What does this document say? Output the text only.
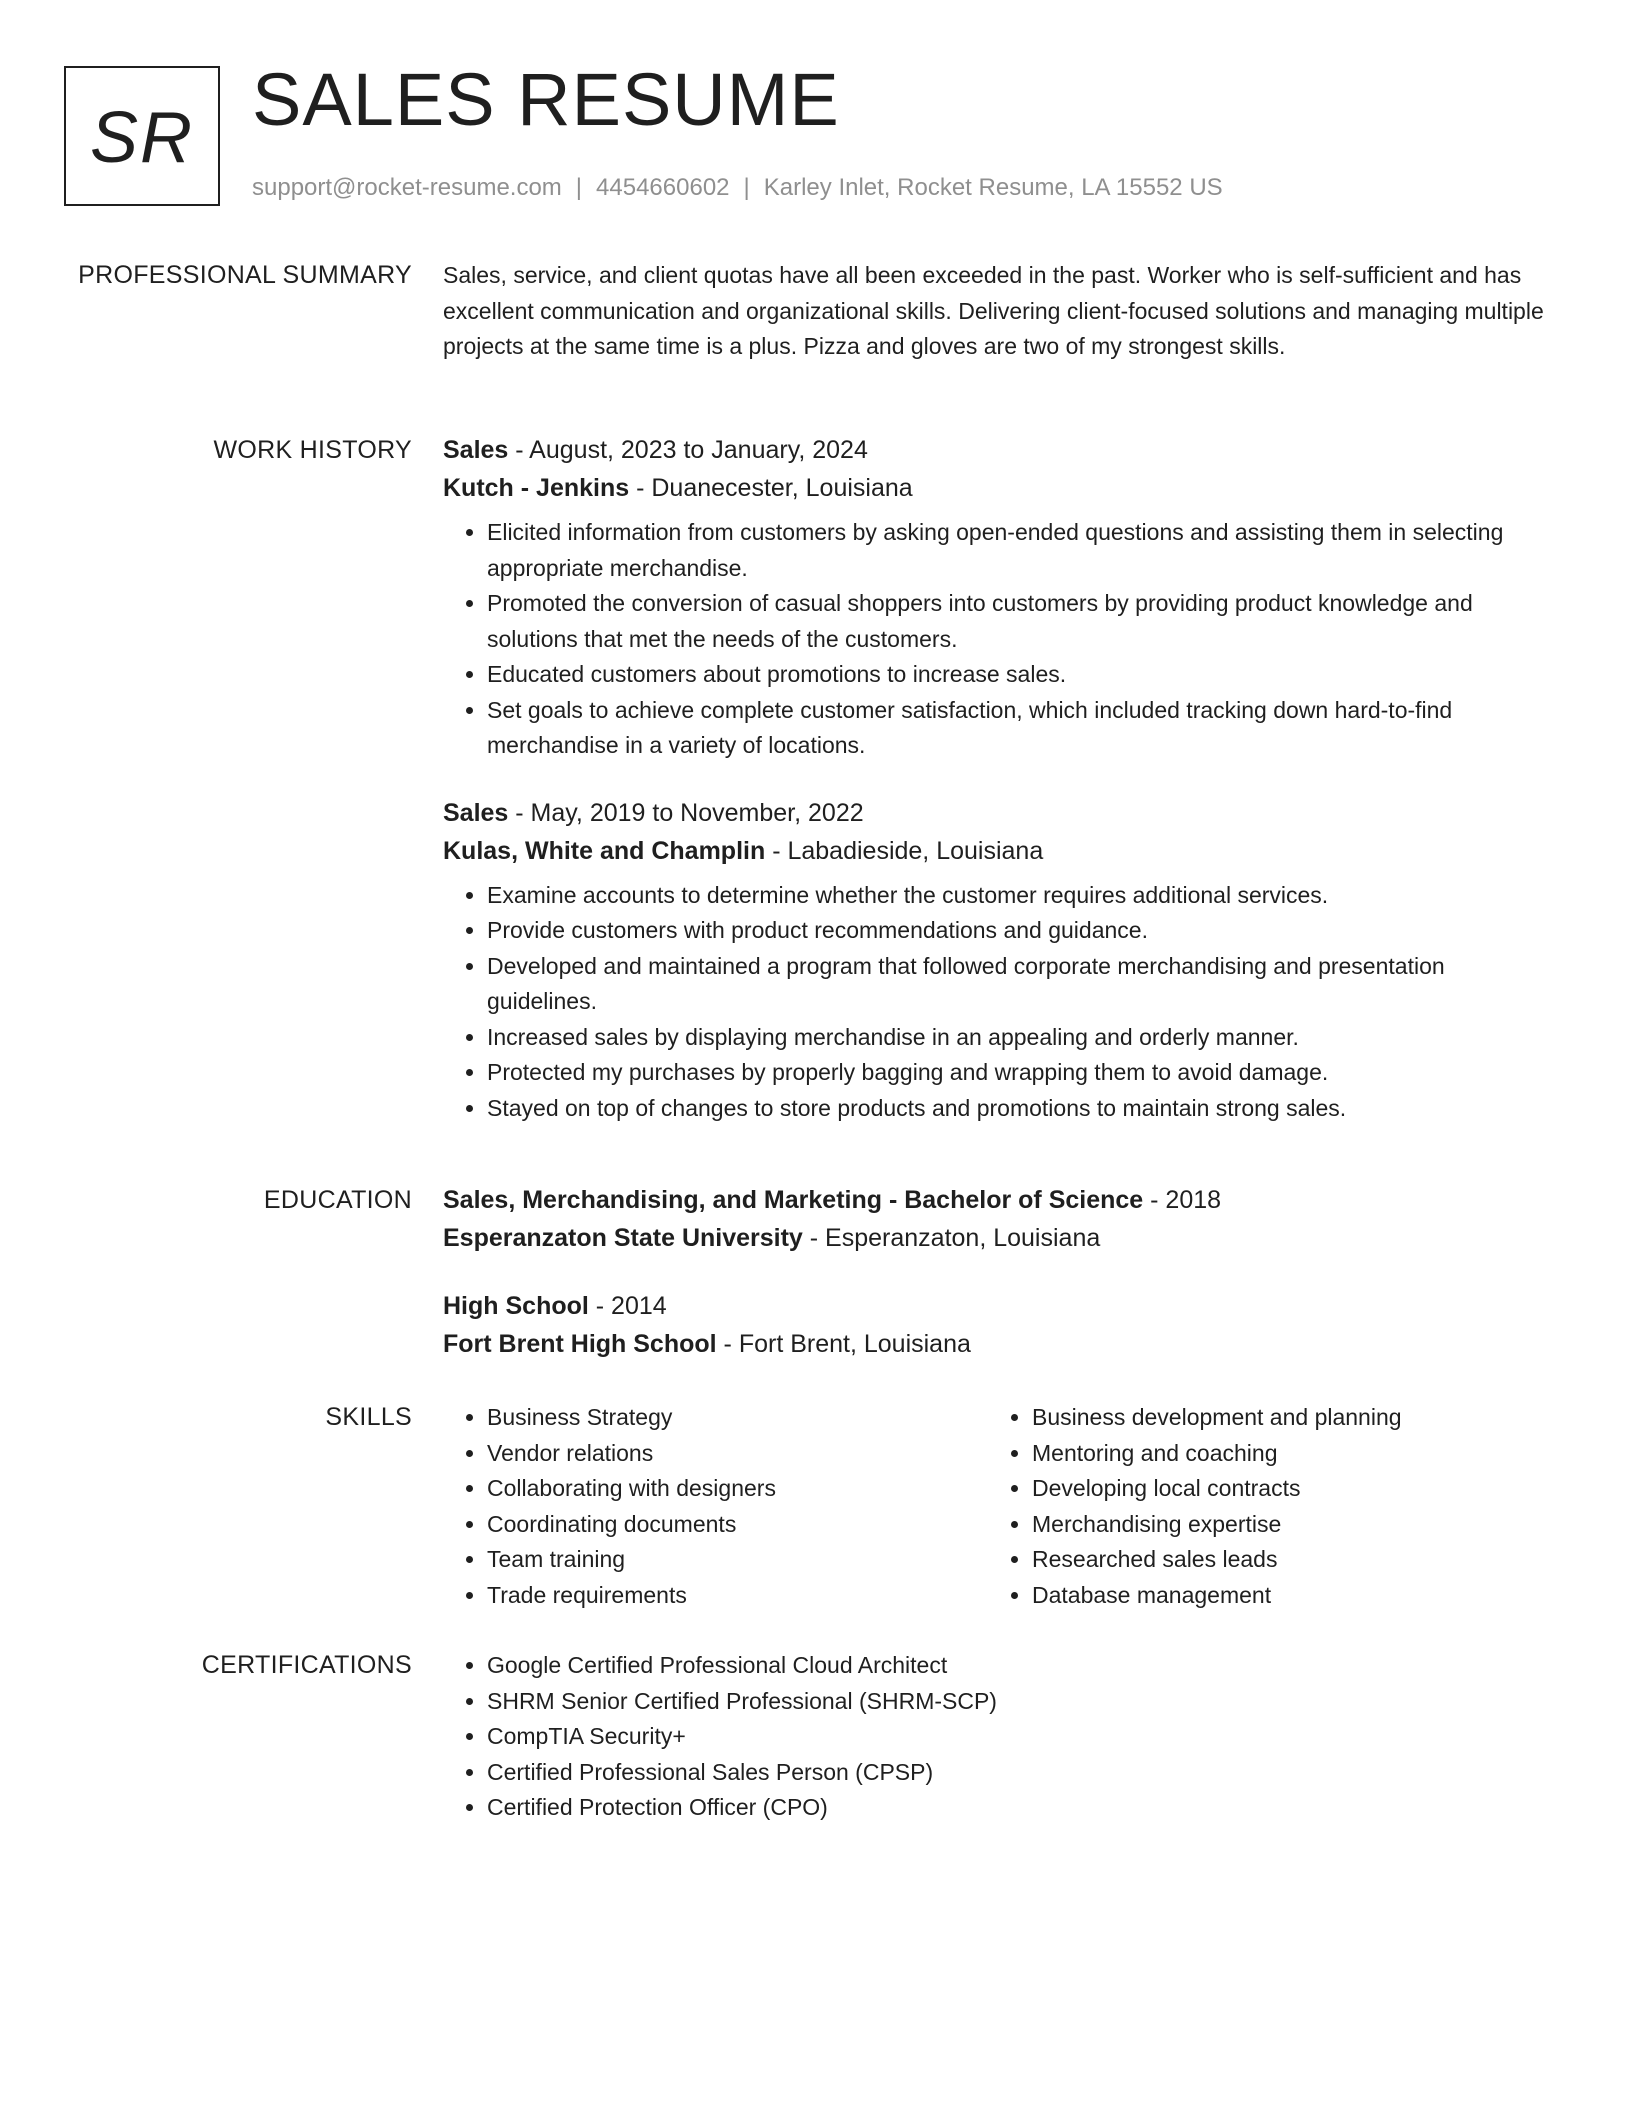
SR SALES RESUME
support@rocket-resume.com | 4454660602 | Karley Inlet, Rocket Resume, LA 15552 US
PROFESSIONAL SUMMARY Sales, service, and client quotas have all been exceeded in the past. Worker who is self-sufficient and has excellent communication and organizational skills. Delivering client-focused solutions and managing multiple projects at the same time is a plus. Pizza and gloves are two of my strongest skills.

WORK HISTORY Sales - August, 2023 to January, 2024
Kutch - Jenkins - Duanecester, Louisiana
• Elicited information from customers by asking open-ended questions and assisting them in selecting appropriate merchandise.
• Promoted the conversion of casual shoppers into customers by providing product knowledge and solutions that met the needs of the customers.
• Educated customers about promotions to increase sales.
• Set goals to achieve complete customer satisfaction, which included tracking down hard-to-find merchandise in a variety of locations.
Sales - May, 2019 to November, 2022
Kulas, White and Champlin - Labadieside, Louisiana
• Examine accounts to determine whether the customer requires additional services.
• Provide customers with product recommendations and guidance.
• Developed and maintained a program that followed corporate merchandising and presentation guidelines.
• Increased sales by displaying merchandise in an appealing and orderly manner.
• Protected my purchases by properly bagging and wrapping them to avoid damage.
• Stayed on top of changes to store products and promotions to maintain strong sales.
EDUCATION Sales, Merchandising, and Marketing - Bachelor of Science - 2018
Esperanzaton State University - Esperanzaton, Louisiana
High School - 2014
Fort Brent High School - Fort Brent, Louisiana
SKILLS	• Business Strategy
• Vendor relations
• Collaborating with designers
• Coordinating documents
• Team training
• Trade requirements
• Business development and planning
• Mentoring and coaching
• Developing local contracts
• Merchandising expertise
• Researched sales leads
• Database management
CERTIFICATIONS	• Google Certified Professional Cloud Architect
• SHRM Senior Certified Professional (SHRM-SCP)
• CompTIA Security+
• Certified Professional Sales Person (CPSP)
• Certified Protection Officer (CPO)
